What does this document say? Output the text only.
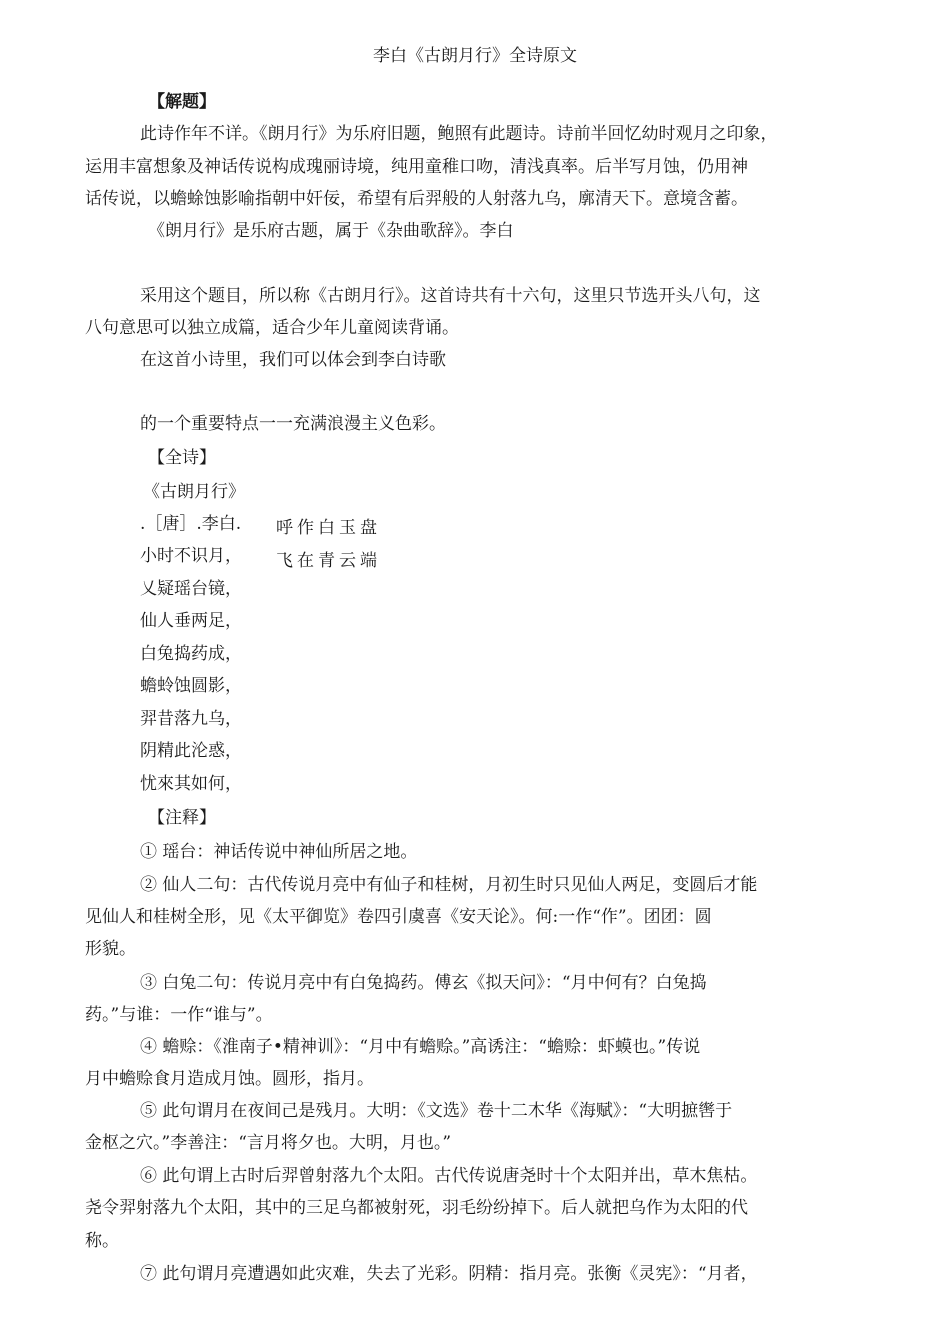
李白《古朗月行》全诗原文
【解题】
此诗作年不详。《朗月行》为乐府旧题，鲍照有此题诗。诗前半回忆幼时观月之印象，
运用丰富想象及神话传说构成瑰丽诗境，纯用童稚口吻，清浅真率。后半写月蚀，仍用神
话传说，以蟾蜍蚀影喻指朝中奸佞，希望有后羿般的人射落九乌，廓清天下。意境含蓄。
《朗月行》是乐府古题，属于《杂曲歌辞》。李白
采用这个题目，所以称《古朗月行》。这首诗共有十六句，这里只节选开头八句，这
八句意思可以独立成篇，适合少年儿童阅读背诵。
在这首小诗里，我们可以体会到李白诗歌
的一个重要特点一一充满浪漫主义色彩。
【全诗】
《古朗月行》
.［唐］.李白. 呼作白玉盘
飞在青云端
小时不识月，
乂疑瑶台镜，
仙人垂两足，
白兔捣药成，
蟾蛉蚀圆影，
羿昔落九乌，
阴精此沦惑，
忧來其如何，
【注释】
① 瑶台：神话传说中神仙所居之地。
② 仙人二句：古代传说月亮中有仙子和桂树，月初生时只见仙人两足，变圆后才能
见仙人和桂树全形，见《太平御览》卷四引虞喜《安天论》。何:一作“作”。团团：圆
形貌。
③ 白兔二句：传说月亮中有白兔捣药。傅玄《拟天问》：“月中何有？白兔捣
药。”与谁：一作“谁与”。
④ 蟾赊：《淮南子•精神训》：“月中有蟾赊。”高诱注：“蟾赊：虾蟆也。”传说
月中蟾赊食月造成月蚀。圆形，指月。
⑤ 此句谓月在夜间己是残月。大明：《文选》卷十二木华《海赋》：“大明摭辔于
金枢之穴。”李善注：“言月将夕也。大明，月也。”
⑥ 此句谓上古时后羿曾射落九个太阳。古代传说唐尧时十个太阳并出，草木焦枯。
尧令羿射落九个太阳，其中的三足乌都被射死，羽毛纷纷掉下。后人就把乌作为太阳的代
称。
⑦ 此句谓月亮遭遇如此灾难，失去了光彩。阴精：指月亮。张衡《灵宪》：“月者，
